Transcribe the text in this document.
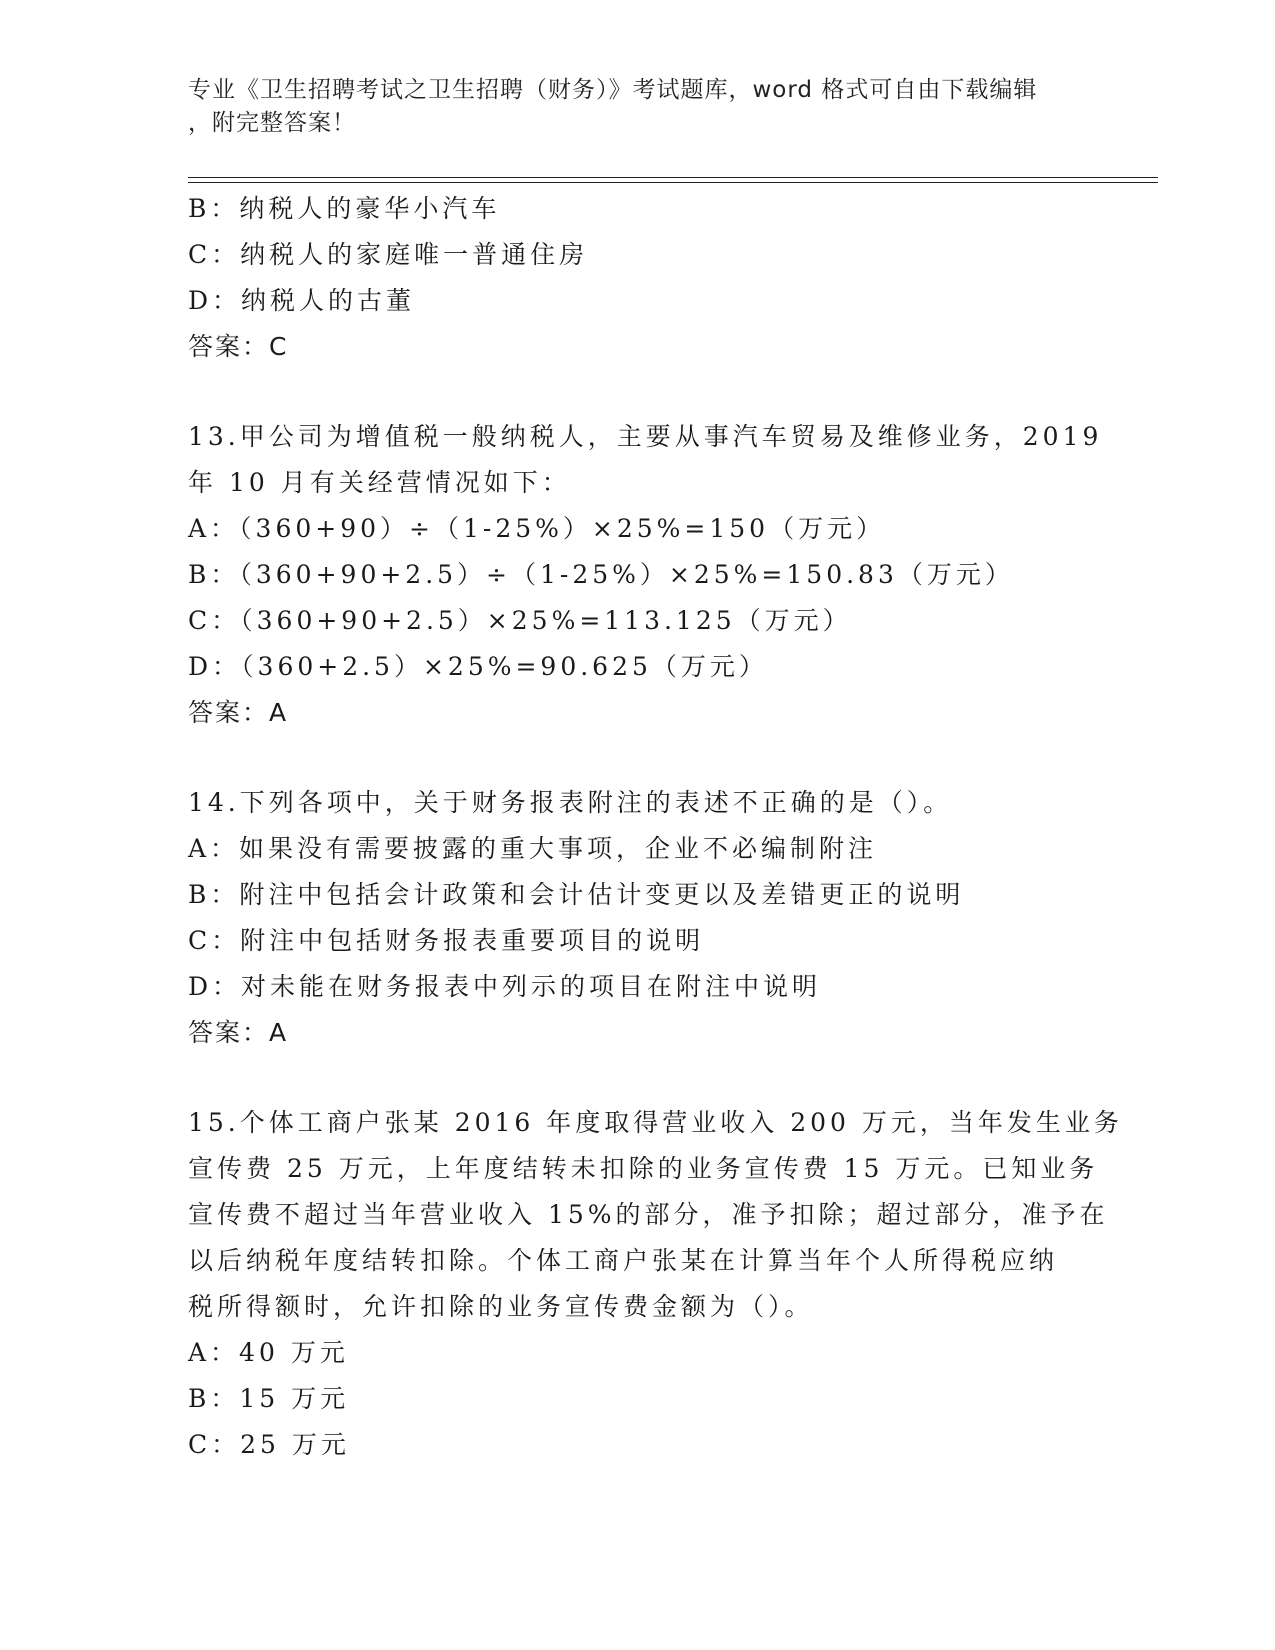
专业《卫生招聘考试之卫生招聘（财务）》考试题库，word 格式可自由下载编辑
，附完整答案！
B：纳税人的豪华小汽车
C：纳税人的家庭唯一普通住房
D：纳税人的古董
答案：C
13.甲公司为增值税一般纳税人，主要从事汽车贸易及维修业务，2019
年 10 月有关经营情况如下：
A：（360+90）÷（1-25%）×25%=150（万元）
B：（360+90+2.5）÷（1-25%）×25%=150.83（万元）
C：（360+90+2.5）×25%=113.125（万元）
D：（360+2.5）×25%=90.625（万元）
答案：A
14.下列各项中，关于财务报表附注的表述不正确的是（）。
A：如果没有需要披露的重大事项，企业不必编制附注
B：附注中包括会计政策和会计估计变更以及差错更正的说明
C：附注中包括财务报表重要项目的说明
D：对未能在财务报表中列示的项目在附注中说明
答案：A
15.个体工商户张某 2016 年度取得营业收入 200 万元，当年发生业务
宣传费 25 万元，上年度结转未扣除的业务宣传费 15 万元。已知业务
宣传费不超过当年营业收入 15%的部分，准予扣除；超过部分，准予在
以后纳税年度结转扣除。个体工商户张某在计算当年个人所得税应纳
税所得额时，允许扣除的业务宣传费金额为（）。
A：40 万元
B：15 万元
C：25 万元
